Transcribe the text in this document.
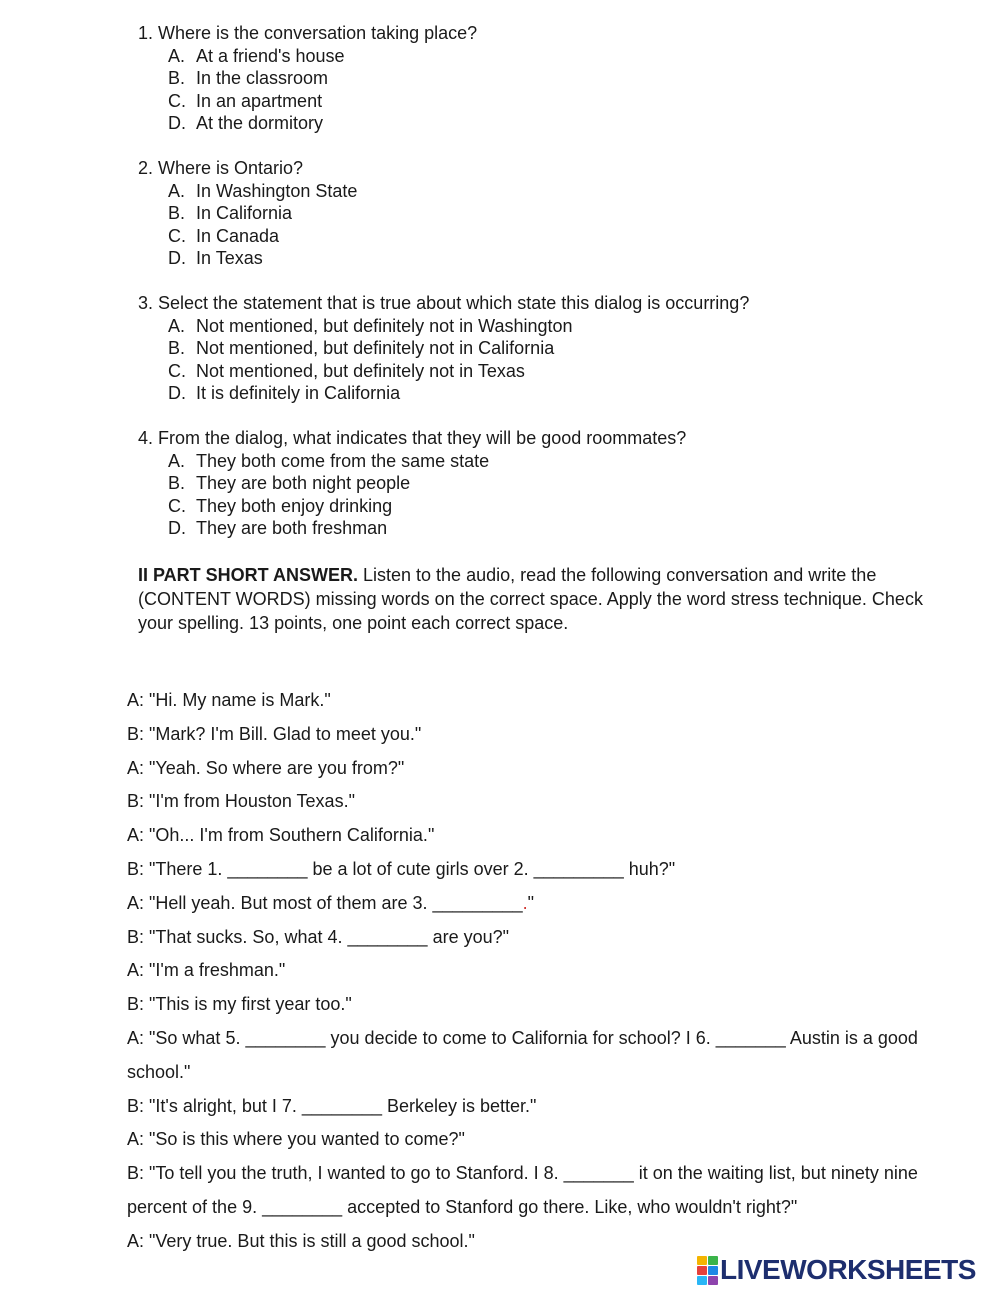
1. Where is the conversation taking place?

A. At a friend's house
B. In the classroom
C. In an apartment
D. At the dormitory

2. Where is Ontario?

A. In Washington State
B. In California
C. In Canada
D. In Texas

3. Select the statement that is true about which state this dialog is occurring?

A. Not mentioned, but definitely not in Washington
B. Not mentioned, but definitely not in California
C. Not mentioned, but definitely not in Texas
D. It is definitely in California

4. From the dialog, what indicates that they will be good roommates?

A. They both come from the same state
B. They are both night people
C. They both enjoy drinking
D. They are both freshman

II PART SHORT ANSWER. Listen to the audio, read the following conversation and write the (CONTENT WORDS) missing words on the correct space. Apply the word stress technique. Check your spelling. 13 points, one point each correct space.

A: "Hi. My name is Mark."

B: "Mark? I'm Bill. Glad to meet you."

A: "Yeah. So where are you from?"

B: "I'm from Houston Texas."

A: "Oh... I'm from Southern California."

B: "There 1. ________ be a lot of cute girls over 2. _________ huh?"

A: "Hell yeah. But most of them are 3. _________."

B: "That sucks. So, what 4. ________ are you?"

A: "I'm a freshman."

B: "This is my first year too."

A: "So what 5. ________ you decide to come to California for school? I 6. _______ Austin is a good school."

B: "It's alright, but I 7. ________ Berkeley is better."

A: "So is this where you wanted to come?"

B: "To tell you the truth, I wanted to go to Stanford. I 8. _______ it on the waiting list, but ninety nine percent of the 9. ________ accepted to Stanford go there. Like, who wouldn't right?"

A: "Very true. But this is still a good school."

LIVEWORKSHEETS
